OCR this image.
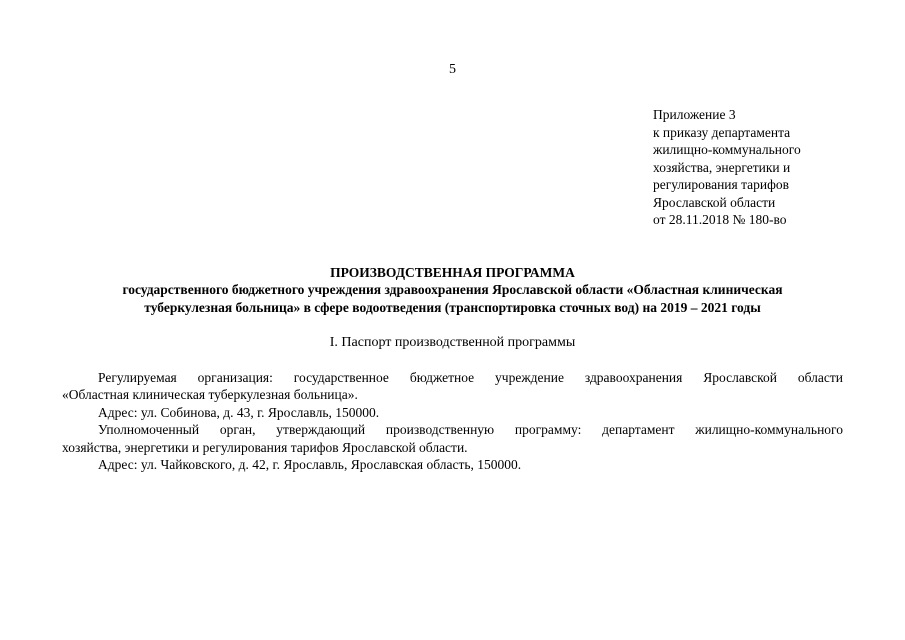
5
Приложение 3
к приказу департамента
жилищно-коммунального
хозяйства, энергетики и
регулирования тарифов
Ярославской области
от 28.11.2018 № 180-во
ПРОИЗВОДСТВЕННАЯ ПРОГРАММА
государственного бюджетного учреждения здравоохранения Ярославской области «Областная клиническая
туберкулезная больница» в сфере водоотведения (транспортировка сточных вод) на 2019 – 2021 годы
I. Паспорт производственной программы
Регулируемая организация: государственное бюджетное учреждение здравоохранения Ярославской области
«Областная клиническая туберкулезная больница».
Адрес: ул. Собинова, д. 43, г. Ярославль, 150000.
Уполномоченный орган, утверждающий производственную программу: департамент жилищно-коммунального
хозяйства, энергетики и регулирования тарифов Ярославской области.
Адрес: ул. Чайковского, д. 42, г. Ярославль, Ярославская область, 150000.
